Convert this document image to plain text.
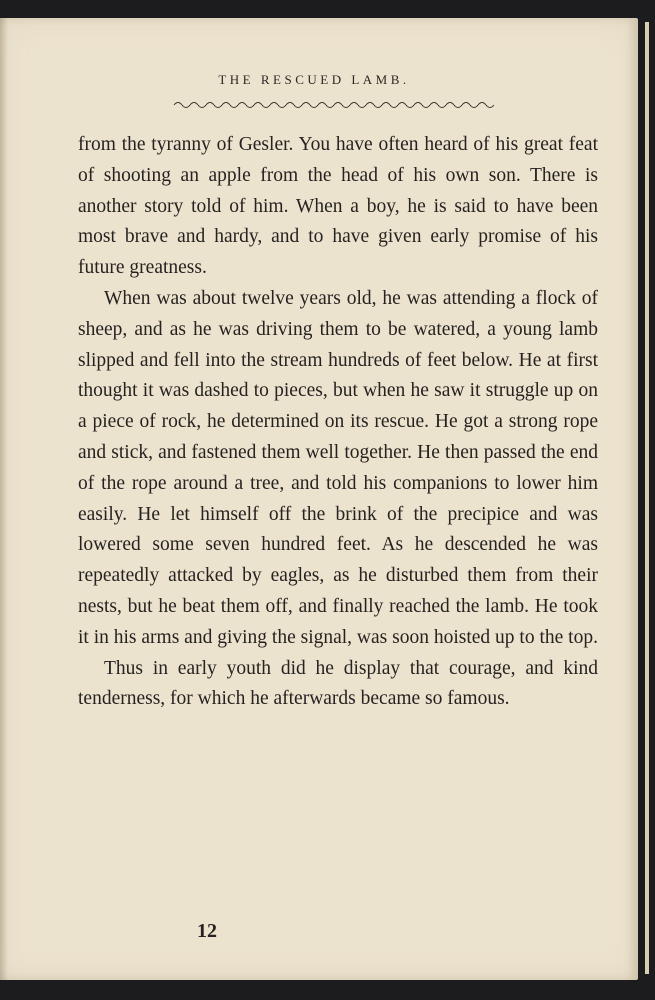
THE RESCUED LAMB.

from the tyranny of Gesler. You have often heard of his great feat of shooting an apple from the head of his own son. There is another story told of him. When a boy, he is said to have been most brave and hardy, and to have given early promise of his future greatness.

When was about twelve years old, he was attending a flock of sheep, and as he was driving them to be watered, a young lamb slipped and fell into the stream hundreds of feet below. He at first thought it was dashed to pieces, but when he saw it struggle up on a piece of rock, he determined on its rescue. He got a strong rope and stick, and fastened them well together. He then passed the end of the rope around a tree, and told his companions to lower him easily. He let himself off the brink of the precipice and was lowered some seven hundred feet. As he descended he was repeatedly attacked by eagles, as he disturbed them from their nests, but he beat them off, and finally reached the lamb. He took it in his arms and giving the signal, was soon hoisted up to the top.

Thus in early youth did he display that courage, and kind tenderness, for which he afterwards became so famous.

12
